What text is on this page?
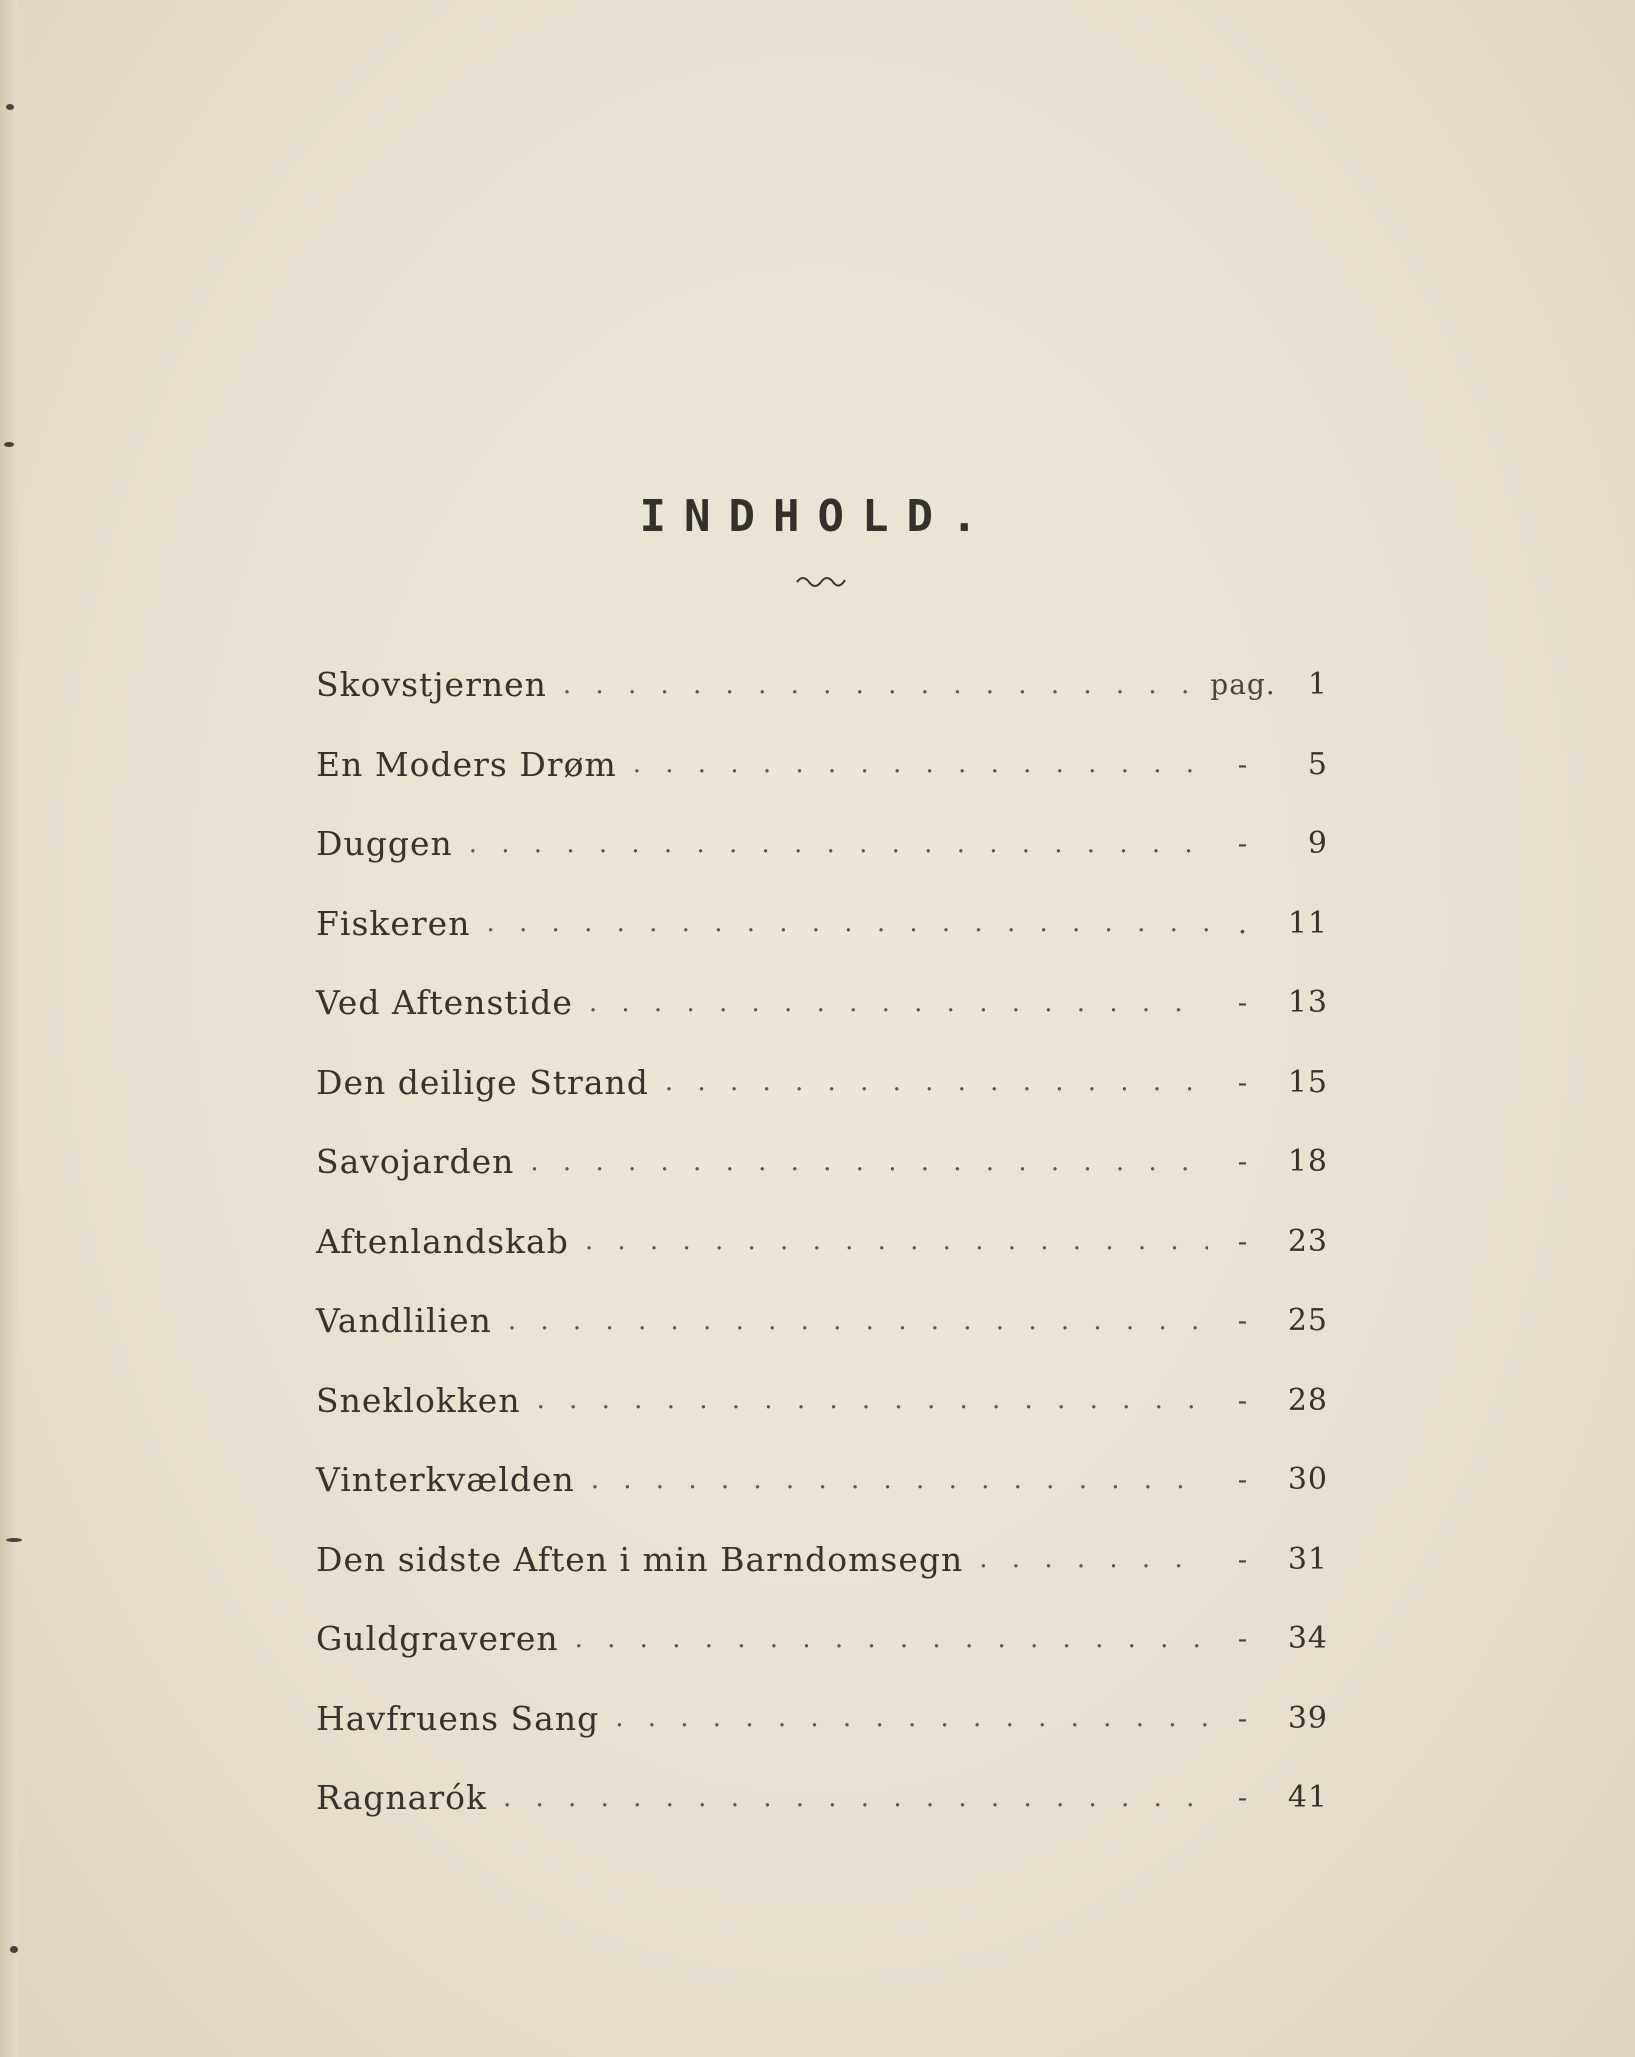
INDHOLD.
Skovstjernen . . .	pag.	1
En Moders Drøm . . .	-	5
Duggen . . .	-	9
Fiskeren . . .	.	11
Ved Aftenstide . . .	-	13
Den deilige Strand . . .	-	15
Savojarden . . .	-	18
Aftenlandskab . . .	-	23
Vandlilien . . .	-	25
Sneklokken . . .	-	28
Vinterkvælden . . .	-	30
Den sidste Aften i min Barndomsegn . . .	-	31
Guldgraveren . . .	-	34
Havfruens Sang . . .	-	39
Ragnarók . . .	-	41
